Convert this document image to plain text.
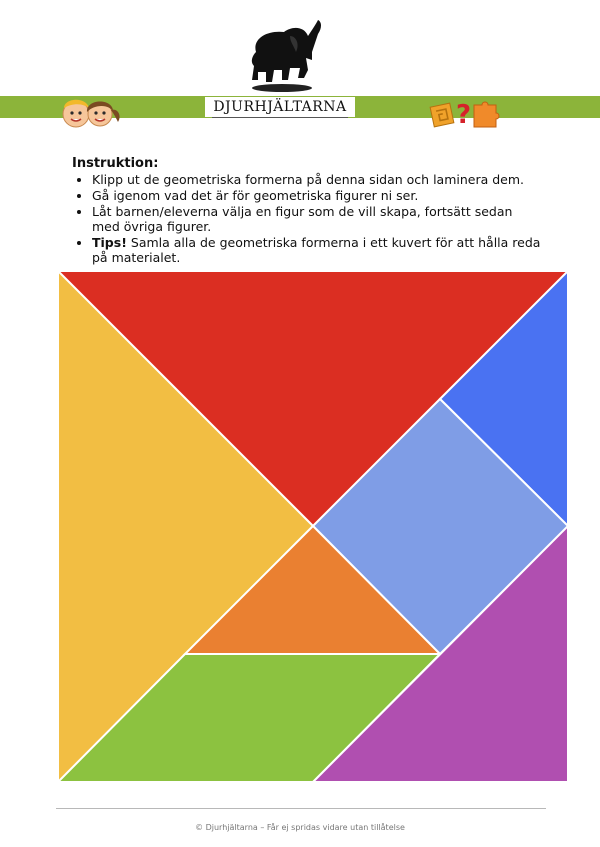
DJURHJÄLTARNA	?
Instruktion:
• Klipp ut de geometriska formerna på denna sidan och laminera dem.
• Gå igenom vad det är för geometriska figurer ni ser.
• Låt barnen/eleverna välja en figur som de vill skapa, fortsätt sedan med övriga figurer.
• Tips! Samla alla de geometriska formerna i ett kuvert för att hålla reda på materialet.
© Djurhjältarna – Får ej spridas vidare utan tillåtelse
